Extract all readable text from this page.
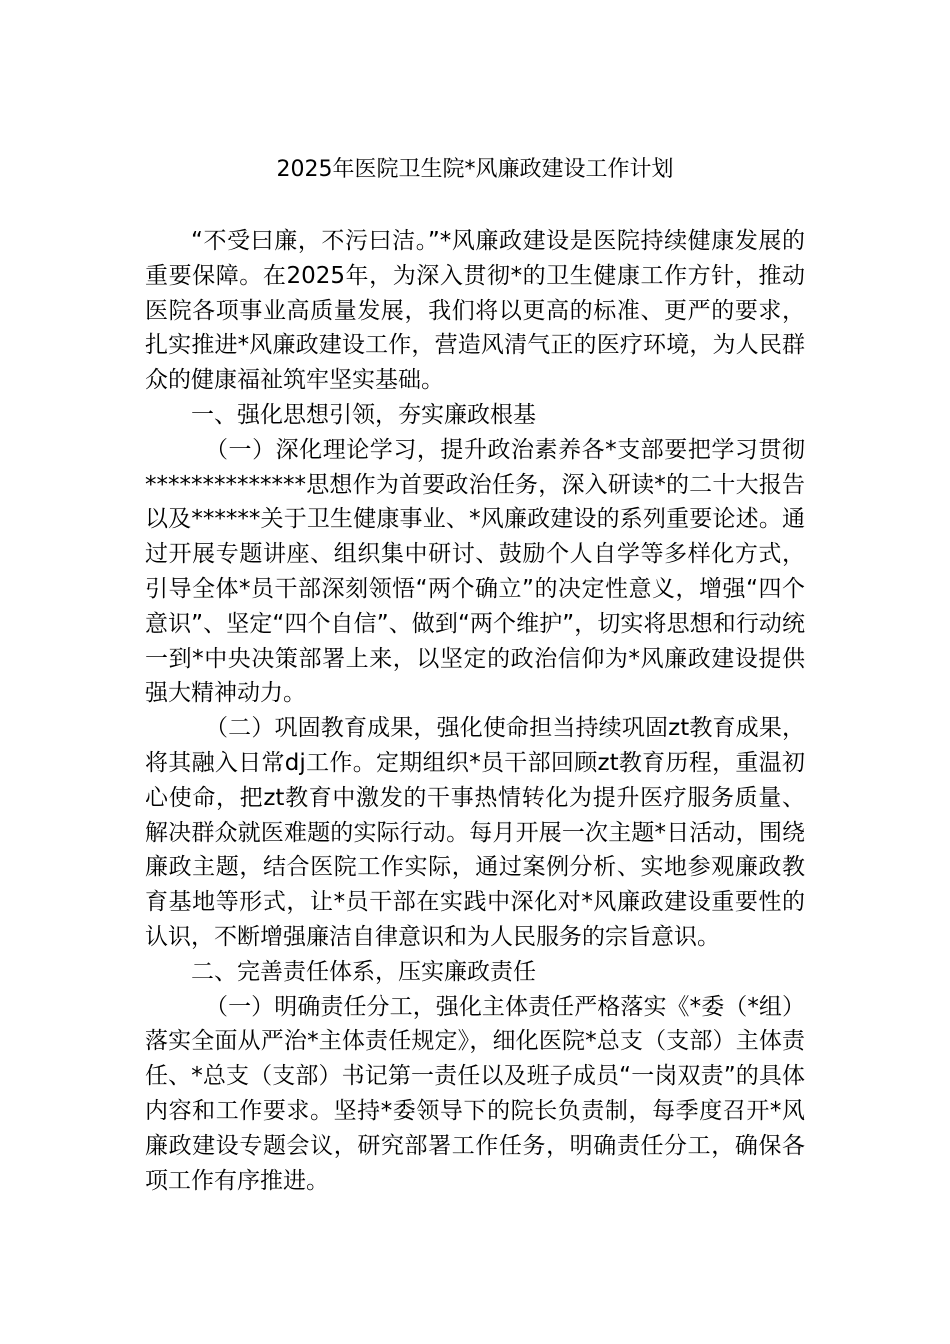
2025年医院卫生院*风廉政建设工作计划

“不受曰廉，不污曰洁。”*风廉政建设是医院持续健康发展的重要保障。在2025年，为深入贯彻*的卫生健康工作方针，推动医院各项事业高质量发展，我们将以更高的标准、更严的要求，扎实推进*风廉政建设工作，营造风清气正的医疗环境，为人民群众的健康福祉筑牢坚实基础。

一、强化思想引领，夯实廉政根基

（一）深化理论学习，提升政治素养各*支部要把学习贯彻**************思想作为首要政治任务，深入研读*的二十大报告以及******关于卫生健康事业、*风廉政建设的系列重要论述。通过开展专题讲座、组织集中研讨、鼓励个人自学等多样化方式，引导全体*员干部深刻领悟“两个确立”的决定性意义，增强“四个意识”、坚定“四个自信”、做到“两个维护”，切实将思想和行动统一到*中央决策部署上来，以坚定的政治信仰为*风廉政建设提供强大精神动力。

（二）巩固教育成果，强化使命担当持续巩固zt教育成果，将其融入日常dj工作。定期组织*员干部回顾zt教育历程，重温初心使命，把zt教育中激发的干事热情转化为提升医疗服务质量、解决群众就医难题的实际行动。每月开展一次主题*日活动，围绕廉政主题，结合医院工作实际，通过案例分析、实地参观廉政教育基地等形式，让*员干部在实践中深化对*风廉政建设重要性的认识，不断增强廉洁自律意识和为人民服务的宗旨意识。

二、完善责任体系，压实廉政责任

（一）明确责任分工，强化主体责任严格落实《*委（*组）落实全面从严治*主体责任规定》，细化医院*总支（支部）主体责任、*总支（支部）书记第一责任以及班子成员“一岗双责”的具体内容和工作要求。坚持*委领导下的院长负责制，每季度召开*风廉政建设专题会议，研究部署工作任务，明确责任分工，确保各项工作有序推进。
